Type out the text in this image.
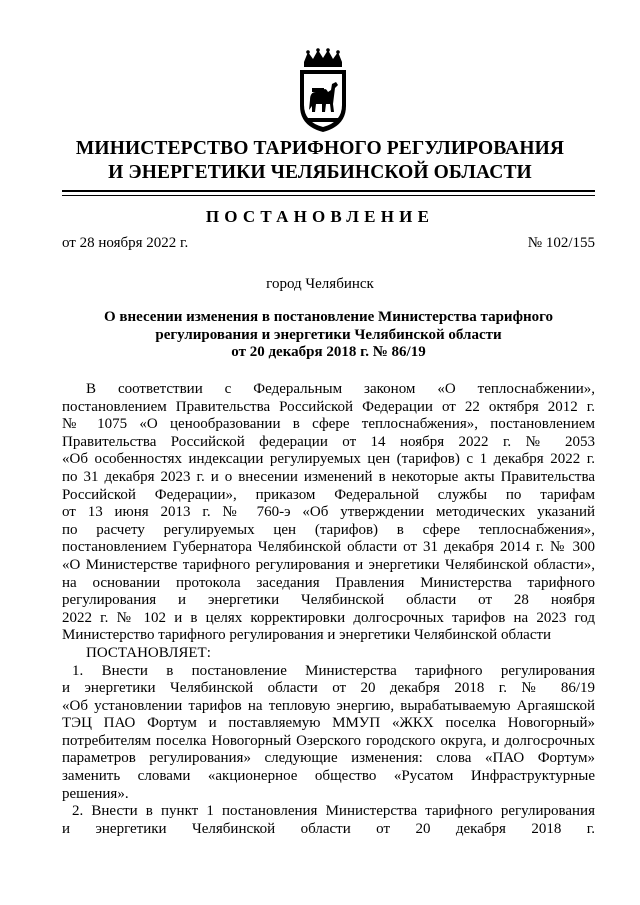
МИНИСТЕРСТВО ТАРИФНОГО РЕГУЛИРОВАНИЯ
И ЭНЕРГЕТИКИ ЧЕЛЯБИНСКОЙ ОБЛАСТИ
ПОСТАНОВЛЕНИЕ
от 28 ноября 2022 г.	№ 102/155
город Челябинск
О внесении изменения в постановление Министерства тарифного
регулирования и энергетики Челябинской области
от 20 декабря 2018 г. № 86/19
В соответствии с Федеральным законом «О теплоснабжении»,
постановлением Правительства Российской Федерации от 22 октября 2012 г.
№ 1075 «О ценообразовании в сфере теплоснабжения», постановлением
Правительства Российской федерации от 14 ноября 2022 г. № 2053
«Об особенностях индексации регулируемых цен (тарифов) с 1 декабря 2022 г.
по 31 декабря 2023 г. и о внесении изменений в некоторые акты Правительства
Российской Федерации», приказом Федеральной службы по тарифам
от 13 июня 2013 г. № 760-э «Об утверждении методических указаний
по расчету регулируемых цен (тарифов) в сфере теплоснабжения»,
постановлением Губернатора Челябинской области от 31 декабря 2014 г. № 300
«О Министерстве тарифного регулирования и энергетики Челябинской области»,
на основании протокола заседания Правления Министерства тарифного
регулирования и энергетики Челябинской области от 28 ноября
2022 г. № 102 и в целях корректировки долгосрочных тарифов на 2023 год
Министерство тарифного регулирования и энергетики Челябинской области
ПОСТАНОВЛЯЕТ:
1. Внести в постановление Министерства тарифного регулирования
и энергетики Челябинской области от 20 декабря 2018 г. № 86/19
«Об установлении тарифов на тепловую энергию, вырабатываемую Аргаяшской
ТЭЦ ПАО Фортум и поставляемую ММУП «ЖКХ поселка Новогорный»
потребителям поселка Новогорный Озерского городского округа, и долгосрочных
параметров регулирования» следующие изменения: слова «ПАО Фортум»
заменить словами «акционерное общество «Русатом Инфраструктурные
решения».
2. Внести в пункт 1 постановления Министерства тарифного регулирования
и энергетики Челябинской области от 20 декабря 2018 г.
